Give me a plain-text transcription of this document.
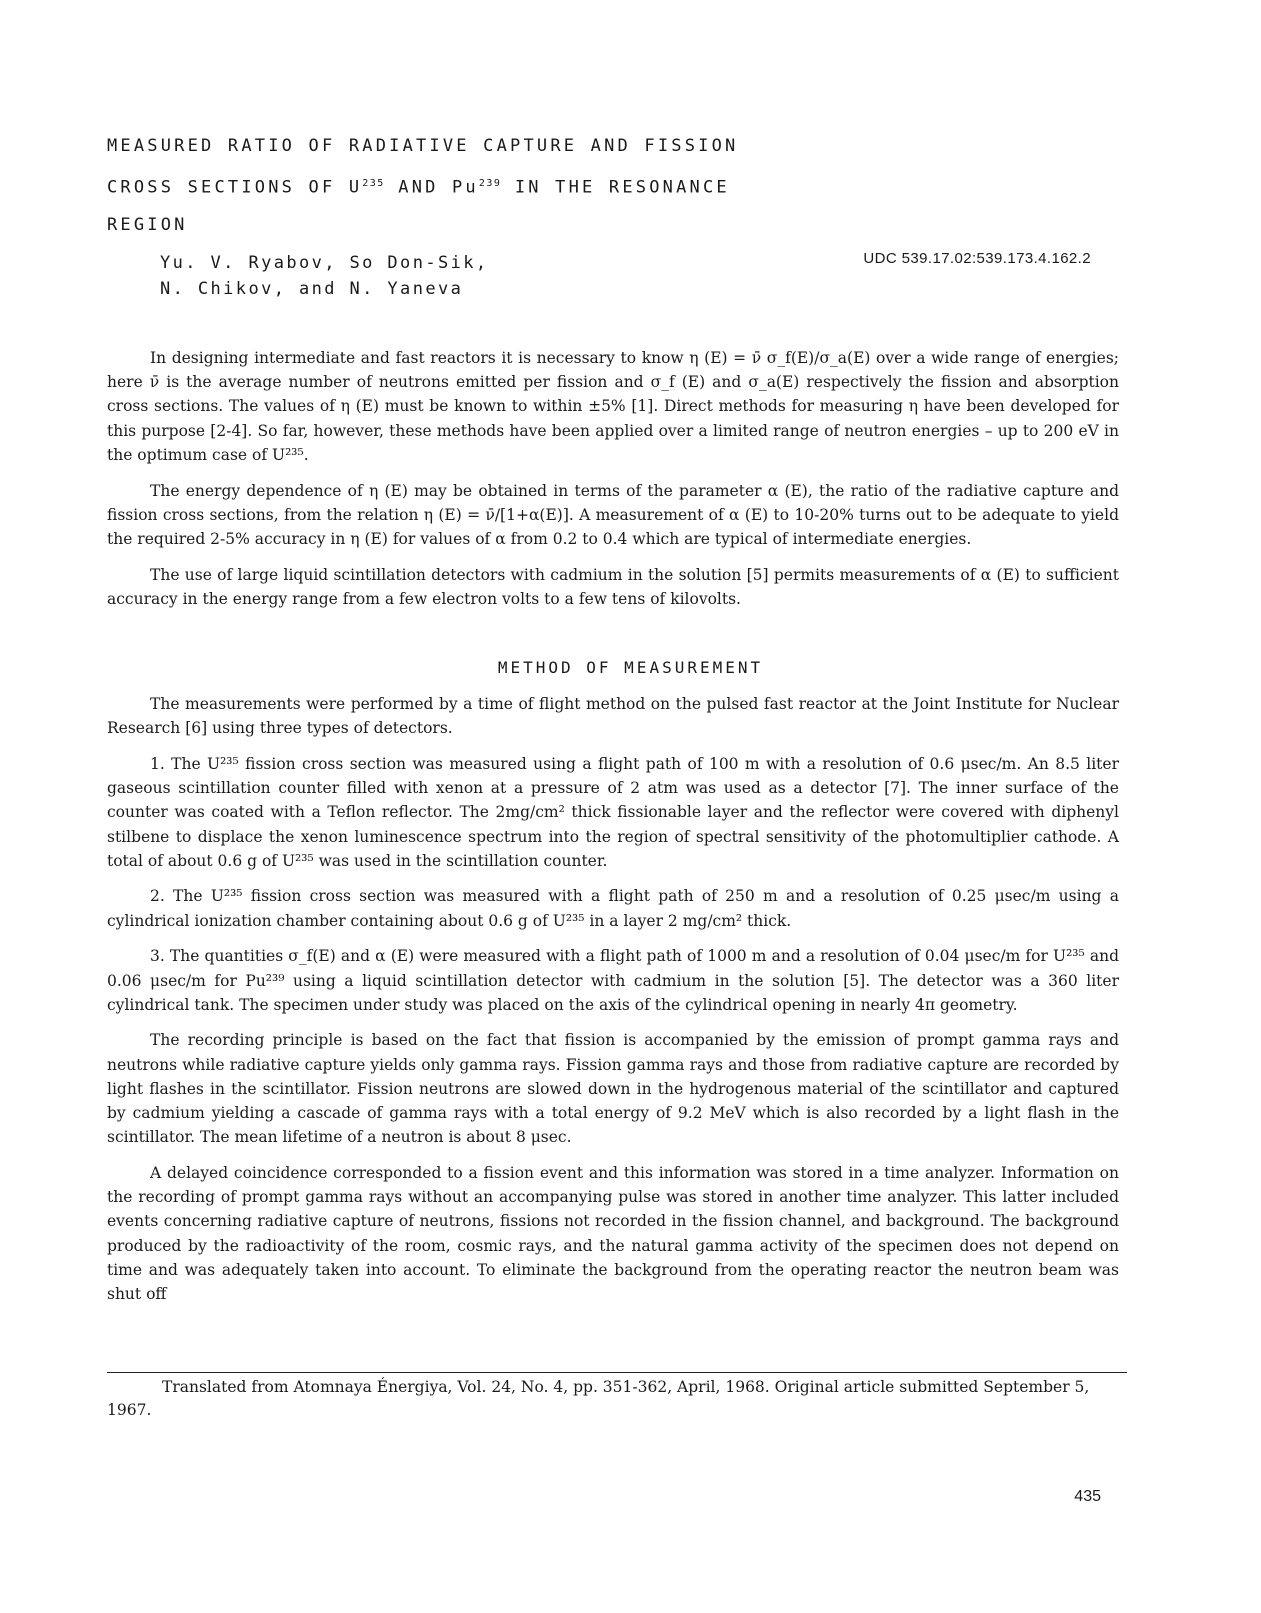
MEASURED RATIO OF RADIATIVE CAPTURE AND FISSION
CROSS SECTIONS OF $U^{235}$ AND Pu$^{239}$ IN THE RESONANCE
REGION
Yu. V. Ryabov, So Don-Sik,
N. Chikov, and N. Yaneva
UDC 539.17.02:539.173.4.162.2

In designing intermediate and fast reactors it is necessary to know η (E) = ν̄ σ_f(E)/σ_a(E) over a wide range of energies; here ν̄ is the average number of neutrons emitted per fission and σ_f (E) and σ_a(E) respectively the fission and absorption cross sections. The values of η (E) must be known to within ±5% [1]. Direct methods for measuring η have been developed for this purpose [2-4]. So far, however, these methods have been applied over a limited range of neutron energies – up to 200 eV in the optimum case of U²³⁵.

The energy dependence of η (E) may be obtained in terms of the parameter α (E), the ratio of the radiative capture and fission cross sections, from the relation η (E) = ν̄/[1+α(E)]. A measurement of α (E) to 10-20% turns out to be adequate to yield the required 2-5% accuracy in η (E) for values of α from 0.2 to 0.4 which are typical of intermediate energies.

The use of large liquid scintillation detectors with cadmium in the solution [5] permits measurements of α (E) to sufficient accuracy in the energy range from a few electron volts to a few tens of kilovolts.

METHOD OF MEASUREMENT

The measurements were performed by a time of flight method on the pulsed fast reactor at the Joint Institute for Nuclear Research [6] using three types of detectors.

1. The U²³⁵ fission cross section was measured using a flight path of 100 m with a resolution of 0.6 μsec/m. An 8.5 liter gaseous scintillation counter filled with xenon at a pressure of 2 atm was used as a detector [7]. The inner surface of the counter was coated with a Teflon reflector. The 2mg/cm² thick fissionable layer and the reflector were covered with diphenyl stilbene to displace the xenon luminescence spectrum into the region of spectral sensitivity of the photomultiplier cathode. A total of about 0.6 g of U²³⁵ was used in the scintillation counter.

2. The U²³⁵ fission cross section was measured with a flight path of 250 m and a resolution of 0.25 μsec/m using a cylindrical ionization chamber containing about 0.6 g of U²³⁵ in a layer 2 mg/cm² thick.

3. The quantities σ_f(E) and α (E) were measured with a flight path of 1000 m and a resolution of 0.04 μsec/m for U²³⁵ and 0.06 μsec/m for Pu²³⁹ using a liquid scintillation detector with cadmium in the solution [5]. The detector was a 360 liter cylindrical tank. The specimen under study was placed on the axis of the cylindrical opening in nearly 4π geometry.

The recording principle is based on the fact that fission is accompanied by the emission of prompt gamma rays and neutrons while radiative capture yields only gamma rays. Fission gamma rays and those from radiative capture are recorded by light flashes in the scintillator. Fission neutrons are slowed down in the hydrogenous material of the scintillator and captured by cadmium yielding a cascade of gamma rays with a total energy of 9.2 MeV which is also recorded by a light flash in the scintillator. The mean lifetime of a neutron is about 8 μsec.

A delayed coincidence corresponded to a fission event and this information was stored in a time analyzer. Information on the recording of prompt gamma rays without an accompanying pulse was stored in another time analyzer. This latter included events concerning radiative capture of neutrons, fissions not recorded in the fission channel, and background. The background produced by the radioactivity of the room, cosmic rays, and the natural gamma activity of the specimen does not depend on time and was adequately taken into account. To eliminate the background from the operating reactor the neutron beam was shut off

Translated from Atomnaya Énergiya, Vol. 24, No. 4, pp. 351-362, April, 1968. Original article submitted September 5, 1967.
435
